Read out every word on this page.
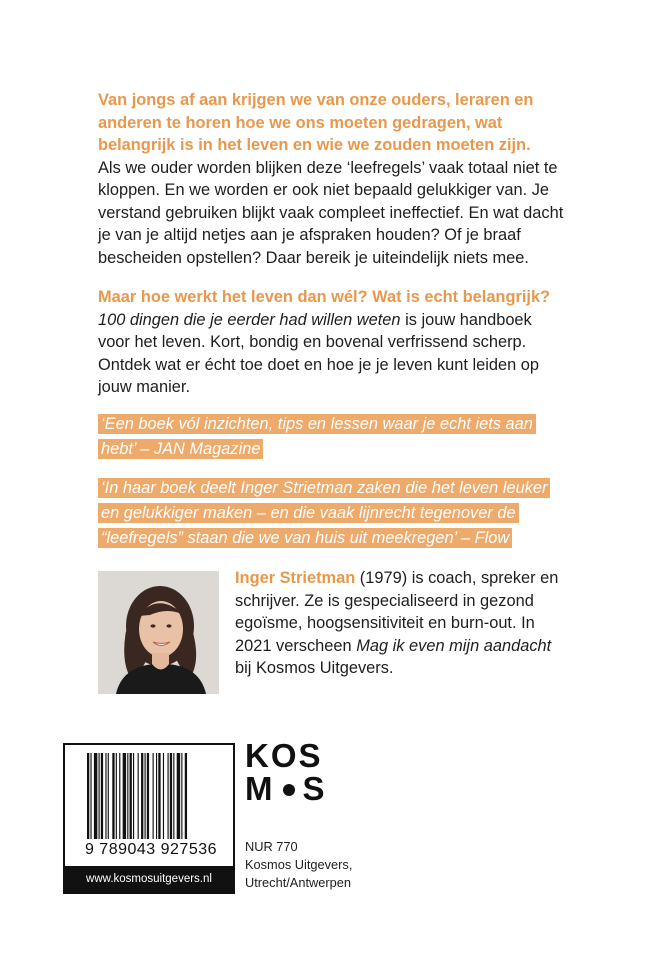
Van jongs af aan krijgen we van onze ouders, leraren en anderen te horen hoe we ons moeten gedragen, wat belangrijk is in het leven en wie we zouden moeten zijn.

Als we ouder worden blijken deze ‘leefregels’ vaak totaal niet te kloppen. En we worden er ook niet bepaald gelukkiger van. Je verstand gebruiken blijkt vaak compleet ineffectief. En wat dacht je van je altijd netjes aan je afspraken houden? Of je braaf bescheiden opstellen? Daar bereik je uiteindelijk niets mee.

Maar hoe werkt het leven dan wél? Wat is echt belangrijk?

100 dingen die je eerder had willen weten is jouw handboek voor het leven. Kort, bondig en bovenal verfrissend scherp. Ontdek wat er écht toe doet en hoe je je leven kunt leiden op jouw manier.

‘Een boek vól inzichten, tips en lessen waar je echt iets aan hebt’ – JAN Magazine

‘In haar boek deelt Inger Strietman zaken die het leven leuker en gelukkiger maken – en die vaak lijnrecht tegenover de “leefregels” staan die we van huis uit meekregen’ – Flow

Inger Strietman (1979) is coach, spreker en schrijver. Ze is gespecialiseerd in gezond egoïsme, hoogsensitiviteit en burn-out. In 2021 verscheen Mag ik even mijn aandacht bij Kosmos Uitgevers.

9 789043 927536
www.kosmosuitgevers.nl
KOS
M S
NUR 770
Kosmos Uitgevers,
Utrecht/Antwerpen
